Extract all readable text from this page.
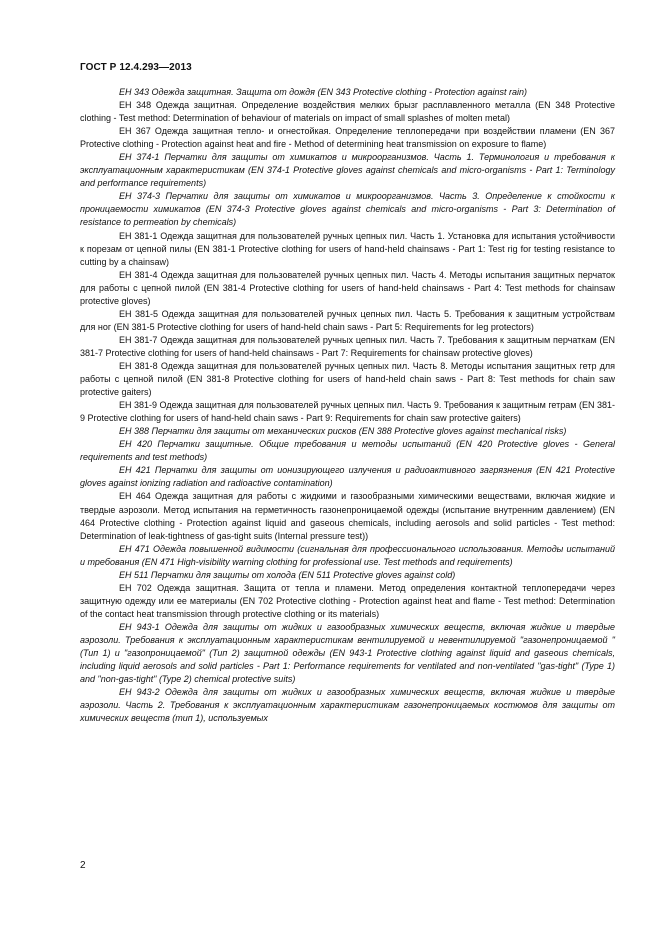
ГОСТ Р 12.4.293—2013

ЕН 343 Одежда защитная. Защита от дождя (EN 343 Protective clothing - Protection against rain)

ЕН 348 Одежда защитная. Определение воздействия мелких брызг расплавленного металла (EN 348 Protective clothing - Test method: Determination of behaviour of materials on impact of small splashes of molten metal)

ЕН 367 Одежда защитная тепло- и огнестойкая. Определение теплопередачи при воздействии пламени (EN 367 Protective clothing - Protection against heat and fire - Method of determining heat transmission on exposure to flame)

ЕН 374-1 Перчатки для защиты от химикатов и микроорганизмов. Часть 1. Терминология и требования к эксплуатационным характеристикам (EN 374-1 Protective gloves against chemicals and micro-organisms - Part 1: Terminology and performance requirements)

ЕН 374-3 Перчатки для защиты от химикатов и микроорганизмов. Часть 3. Определение к стойкости к проницаемости химикатов (EN 374-3 Protective gloves against chemicals and micro-organisms - Part 3: Determination of resistance to permeation by chemicals)

ЕН 381-1 Одежда защитная для пользователей ручных цепных пил. Часть 1. Установка для испытания устойчивости к порезам от цепной пилы (EN 381-1 Protective clothing for users of hand-held chainsaws - Part 1: Test rig for testing resistance to cutting by a chainsaw)

ЕН 381-4 Одежда защитная для пользователей ручных цепных пил. Часть 4. Методы испытания защитных перчаток для работы с цепной пилой (EN 381-4 Protective clothing for users of hand-held chainsaws - Part 4: Test methods for chainsaw protective gloves)

ЕН 381-5 Одежда защитная для пользователей ручных цепных пил. Часть 5. Требования к защитным устройствам для ног (EN 381-5 Protective clothing for users of hand-held chain saws - Part 5: Requirements for leg protectors)

ЕН 381-7 Одежда защитная для пользователей ручных цепных пил. Часть 7. Требования к защитным перчаткам (EN 381-7 Protective clothing for users of hand-held chainsaws - Part 7: Requirements for chainsaw protective gloves)

ЕН 381-8 Одежда защитная для пользователей ручных цепных пил. Часть 8. Методы испытания защитных гетр для работы с цепной пилой (EN 381-8 Protective clothing for users of hand-held chain saws - Part 8: Test methods for chain saw protective gaiters)

ЕН 381-9 Одежда защитная для пользователей ручных цепных пил. Часть 9. Требования к защитным гетрам (EN 381-9 Protective clothing for users of hand-held chain saws - Part 9: Requirements for chain saw protective gaiters)

ЕН 388 Перчатки для защиты от механических рисков (EN 388 Protective gloves against mechanical risks)

ЕН 420 Перчатки защитные. Общие требования и методы испытаний (EN 420 Protective gloves - General requirements and test methods)

ЕН 421 Перчатки для защиты от ионизирующего излучения и радиоактивного загрязнения (EN 421 Protective gloves against ionizing radiation and radioactive contamination)

ЕН 464 Одежда защитная для работы с жидкими и газообразными химическими веществами, включая жидкие и твердые аэрозоли. Метод испытания на герметичность газонепроницаемой одежды (испытание внутренним давлением) (EN 464 Protective clothing - Protection against liquid and gaseous chemicals, including aerosols and solid particles - Test method: Determination of leak-tightness of gas-tight suits (Internal pressure test))

ЕН 471 Одежда повышенной видимости (сигнальная для профессионального использования. Методы испытаний и требования (EN 471 High-visibility warning clothing for professional use. Test methods and requirements)

ЕН 511 Перчатки для защиты от холода (EN 511 Protective gloves against cold)

ЕН 702 Одежда защитная. Защита от тепла и пламени. Метод определения контактной теплопередачи через защитную одежду или ее материалы (EN 702 Protective clothing - Protection against heat and flame - Test method: Determination of the contact heat transmission through protective clothing or its materials)

ЕН 943-1 Одежда для защиты от жидких и газообразных химических веществ, включая жидкие и твердые аэрозоли. Требования к эксплуатационным характеристикам вентилируемой и невентилируемой "газонепроницаемой " (Тип 1) и "газопроницаемой" (Тип 2) защитной одежды (EN 943-1 Protective clothing against liquid and gaseous chemicals, including liquid aerosols and solid particles - Part 1: Performance requirements for ventilated and non-ventilated "gas-tight" (Type 1) and "non-gas-tight" (Type 2) chemical protective suits)

ЕН 943-2 Одежда для защиты от жидких и газообразных химических веществ, включая жидкие и твердые аэрозоли. Часть 2. Требования к эксплуатационным характеристикам газонепроницаемых костюмов для защиты от химических веществ (тип 1), используемых

2
